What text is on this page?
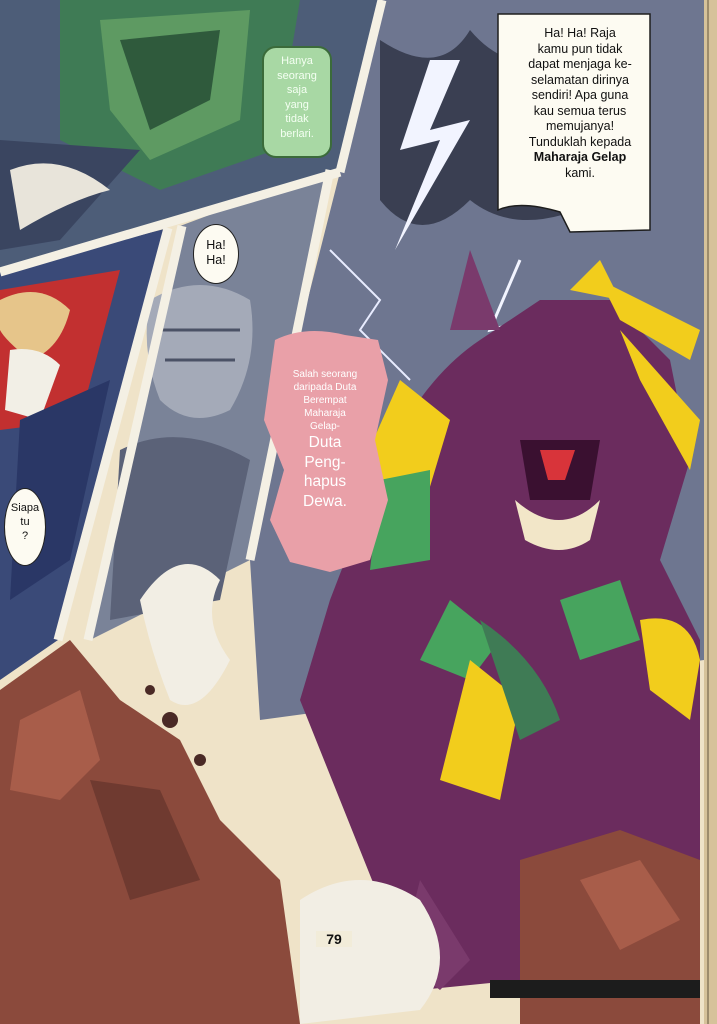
Ha! Ha! Raja
kamu pun tidak
dapat menjaga ke-
selamatan dirinya
sendiri! Apa guna
kau semua terus
memujanya!
Tunduklah kepada
Maharaja Gelap
kami.
Hanya
seorang
saja
yang
tidak
berlari.
Ha!
Ha!
Siapa
tu
?
Salah seorang
daripada Duta
Berempat
Maharaja
Gelap-
Duta
Peng-
hapus
Dewa.
79
